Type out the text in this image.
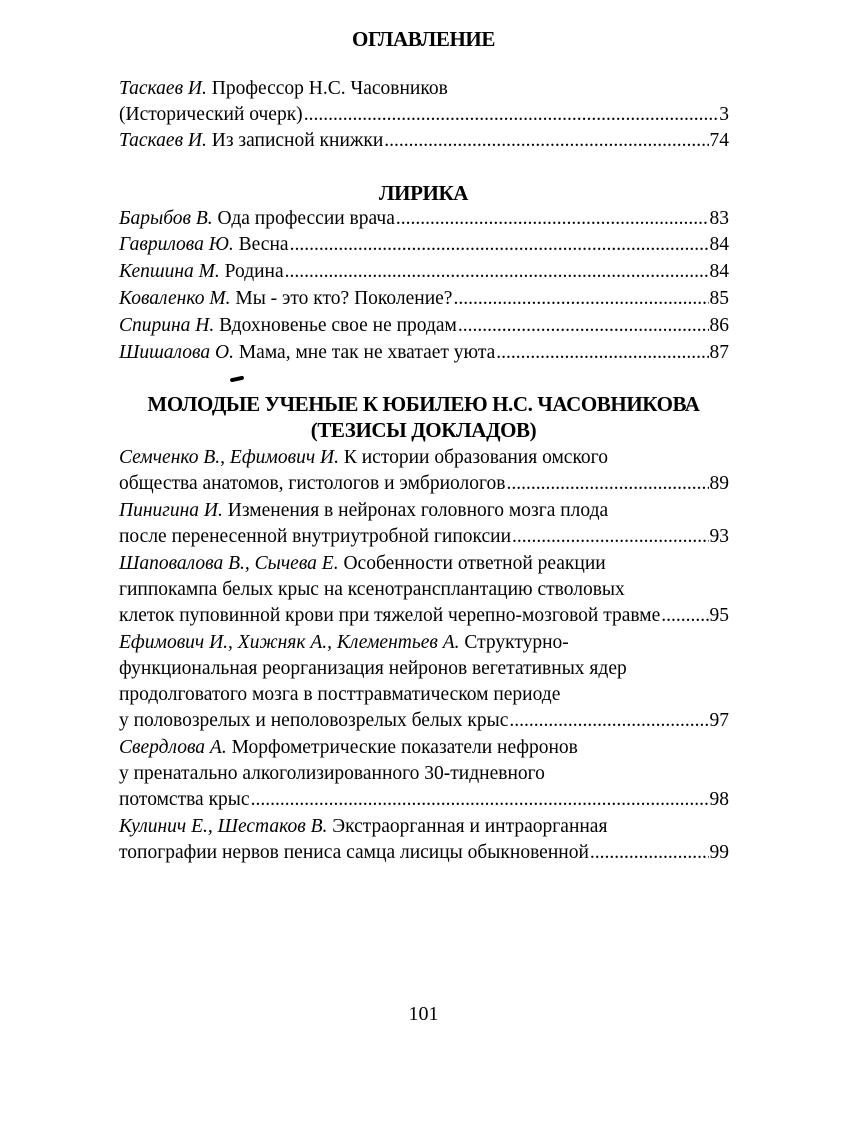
ОГЛАВЛЕНИЕ
Таскаев И.
Профессор Н.С. Часовников
(Исторический очерк) .....	3
Таскаев И.
Из записной книжки .....	74
ЛИРИКА
Барыбов В.
Ода профессии врача .....	83
Гаврилова Ю.
Весна .....	84
Кепшина М.
Родина .....	84
Коваленко М.
Мы - это кто? Поколение? .....	85
Спирина Н.
Вдохновенье свое не продам .....	86
Шишалова О.
Мама, мне так не хватает уюта .....	87
МОЛОДЫЕ УЧЕНЫЕ К ЮБИЛЕЮ Н.С. ЧАСОВНИКОВА
(ТЕЗИСЫ ДОКЛАДОВ)
Семченко В., Ефимович И.
К истории образования омского
общества анатомов, гистологов и эмбриологов .....	89
Пинигина И.
Изменения в нейронах головного мозга плода
после перенесенной внутриутробной гипоксии .....	93
Шаповалова В., Сычева Е.
Особенности ответной реакции
гиппокампа белых крыс на ксенотрансплантацию стволовых
клеток пуповинной крови при тяжелой черепно-мозговой травме .....	95
Ефимович И., Хижняк А., Клементьев А.
Структурно-
функциональная реорганизация нейронов вегетативных ядер
продолговатого мозга в посттравматическом периоде
у половозрелых и неполовозрелых белых крыс .....	97
Свердлова А.
Морфометрические показатели нефронов
у пренатально алкоголизированного 30-тидневного
потомства крыс .....	98
Кулинич Е., Шестаков В.
Экстраорганная и интраорганная
топографии нервов пениса самца лисицы обыкновенной .....	99
101
